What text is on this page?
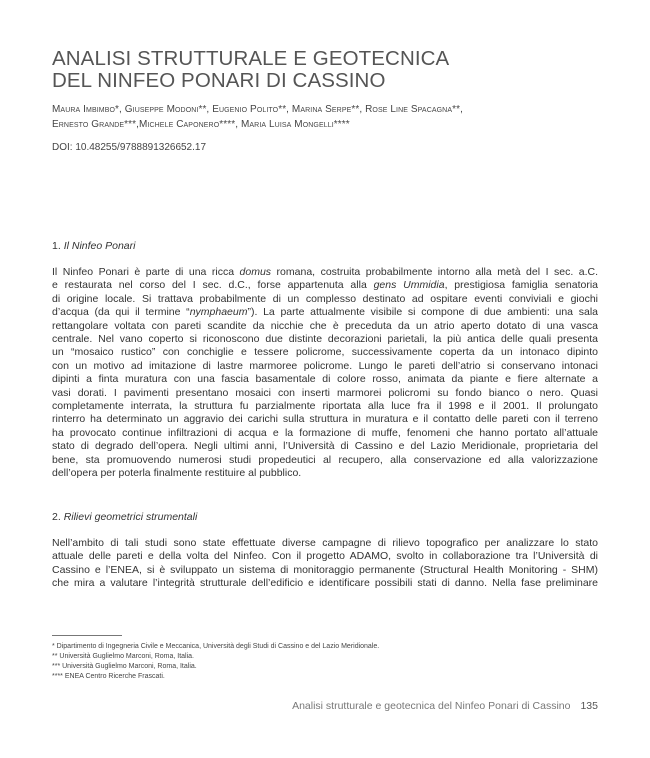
ANALISI STRUTTURALE E GEOTECNICA
DEL NINFEO PONARI DI CASSINO
Maura Imbimbo*, Giuseppe Modoni**, Eugenio Polito**, Marina Serpe**, Rose Line Spacagna**,
Ernesto Grande***,Michele Caponero****, Maria Luisa Mongelli****
DOI: 10.48255/9788891326652.17
1. Il Ninfeo Ponari
Il Ninfeo Ponari è parte di una ricca domus romana, costruita probabilmente intorno alla metà del I sec. a.C.
e restaurata nel corso del I sec. d.C., forse appartenuta alla gens Ummidia, prestigiosa famiglia senatoria
di origine locale. Si trattava probabilmente di un complesso destinato ad ospitare eventi conviviali e giochi
d’acqua (da qui il termine “nymphaeum”). La parte attualmente visibile si compone di due ambienti: una sala
rettangolare voltata con pareti scandite da nicchie che è preceduta da un atrio aperto dotato di una vasca
centrale. Nel vano coperto si riconoscono due distinte decorazioni parietali, la più antica delle quali presenta
un “mosaico rustico” con conchiglie e tessere policrome, successivamente coperta da un intonaco dipinto
con un motivo ad imitazione di lastre marmoree policrome. Lungo le pareti dell’atrio si conservano intonaci
dipinti a finta muratura con una fascia basamentale di colore rosso, animata da piante e fiere alternate a
vasi dorati. I pavimenti presentano mosaici con inserti marmorei policromi su fondo bianco o nero. Quasi
completamente interrata, la struttura fu parzialmente riportata alla luce fra il 1998 e il 2001. Il prolungato
rinterro ha determinato un aggravio dei carichi sulla struttura in muratura e il contatto delle pareti con il terreno
ha provocato continue infiltrazioni di acqua e la formazione di muffe, fenomeni che hanno portato all’attuale
stato di degrado dell’opera. Negli ultimi anni, l’Università di Cassino e del Lazio Meridionale, proprietaria del
bene, sta promuovendo numerosi studi propedeutici al recupero, alla conservazione ed alla valorizzazione
dell’opera per poterla finalmente restituire al pubblico.
2. Rilievi geometrici strumentali
Nell’ambito di tali studi sono state effettuate diverse campagne di rilievo topografico per analizzare lo stato
attuale delle pareti e della volta del Ninfeo. Con il progetto ADAMO, svolto in collaborazione tra l’Università di
Cassino e l’ENEA, si è sviluppato un sistema di monitoraggio permanente (Structural Health Monitoring - SHM)
che mira a valutare l’integrità strutturale dell’edificio e identificare possibili stati di danno. Nella fase preliminare
* Dipartimento di Ingegneria Civile e Meccanica, Università degli Studi di Cassino e del Lazio Meridionale.
** Università Guglielmo Marconi, Roma, Italia.
*** Università Guglielmo Marconi, Roma, Italia.
**** ENEA Centro Ricerche Frascati.
Analisi strutturale e geotecnica del Ninfeo Ponari di Cassino 135
